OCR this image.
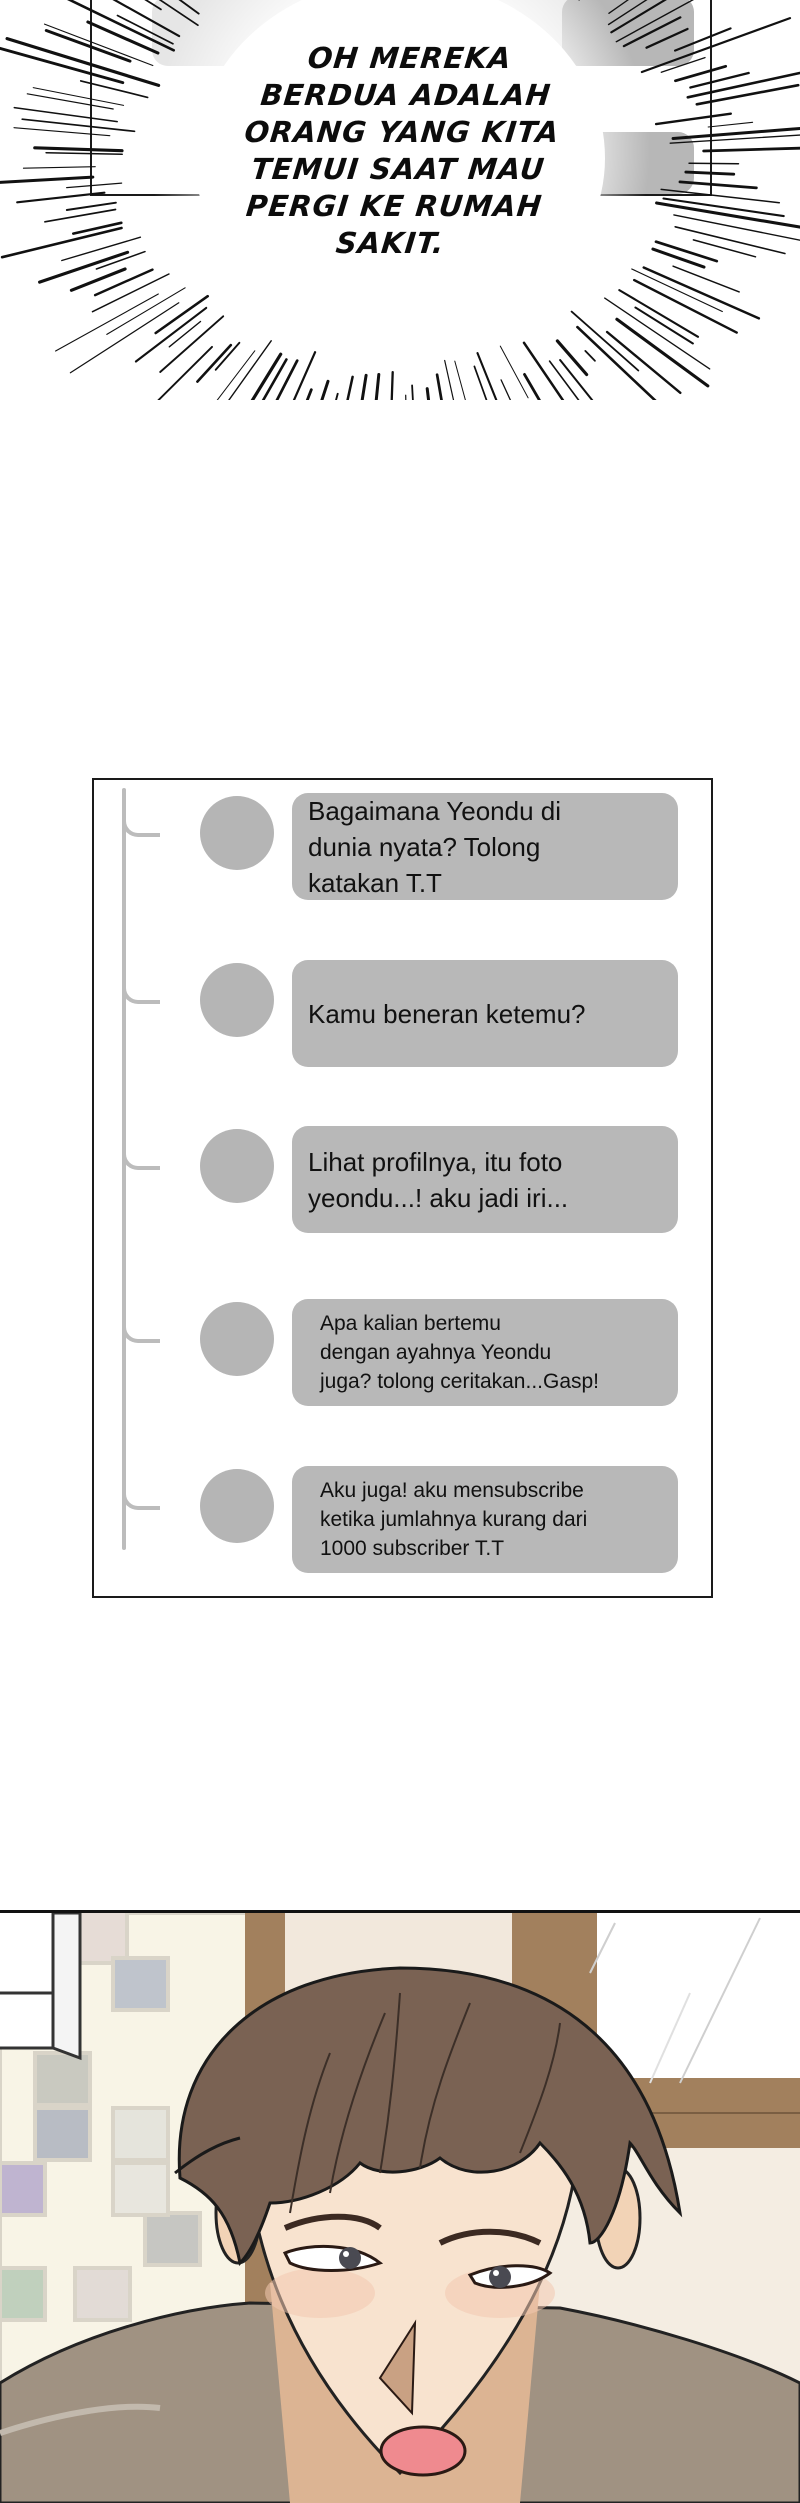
OH MEREKA
BERDUA ADALAH
ORANG YANG KITA
TEMUI SAAT MAU
PERGI KE RUMAH
SAKIT.
Bagaimana Yeondu di
dunia nyata? Tolong
katakan T.T
Kamu beneran ketemu?
Lihat profilnya, itu foto
yeondu...! aku jadi iri...
Apa kalian bertemu
dengan ayahnya Yeondu
juga? tolong ceritakan...Gasp!
Aku juga! aku mensubscribe
ketika jumlahnya kurang dari
1000 subscriber T.T
